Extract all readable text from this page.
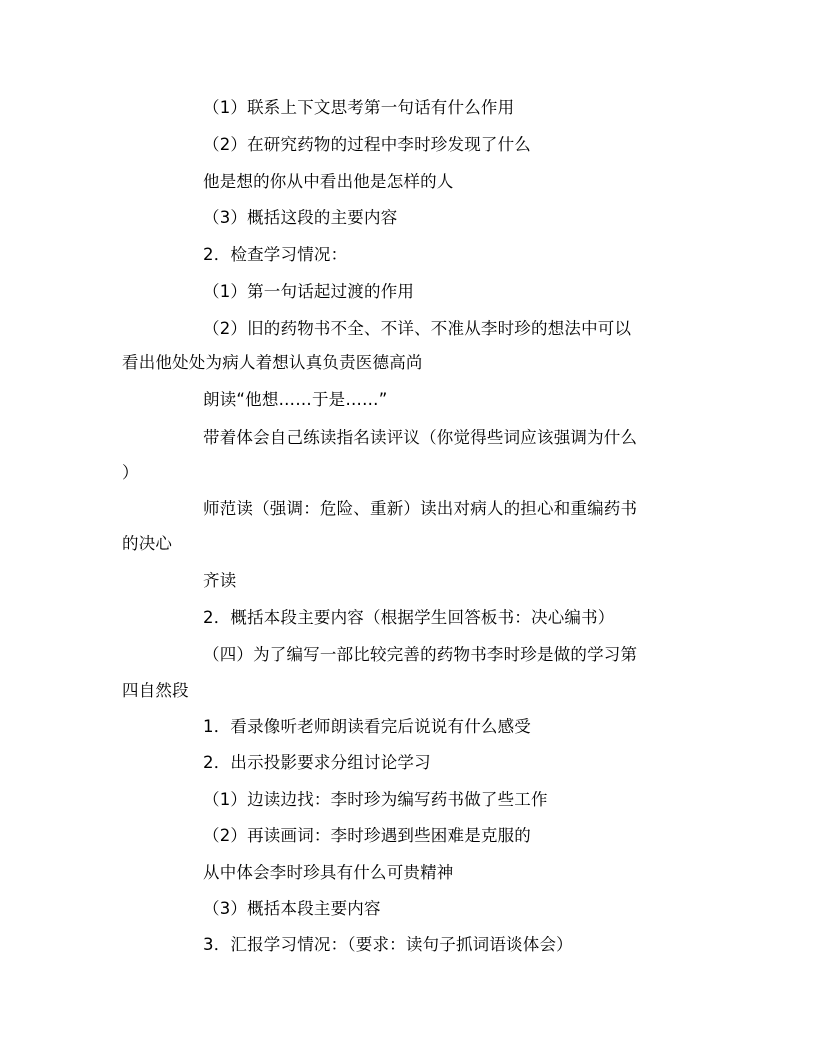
（1）联系上下文思考第一句话有什么作用
（2）在研究药物的过程中李时珍发现了什么
他是想的你从中看出他是怎样的人
（3）概括这段的主要内容
2．检查学习情况：
（1）第一句话起过渡的作用
（2）旧的药物书不全、不详、不准从李时珍的想法中可以
看出他处处为病人着想认真负责医德高尚
朗读“他想……于是……”
带着体会自己练读指名读评议（你觉得些词应该强调为什么
）
师范读（强调：危险、重新）读出对病人的担心和重编药书
的决心
齐读
2．概括本段主要内容（根据学生回答板书：决心编书）
（四）为了编写一部比较完善的药物书李时珍是做的学习第
四自然段
1．看录像听老师朗读看完后说说有什么感受
2．出示投影要求分组讨论学习
（1）边读边找：李时珍为编写药书做了些工作
（2）再读画词：李时珍遇到些困难是克服的
从中体会李时珍具有什么可贵精神
（3）概括本段主要内容
3．汇报学习情况：（要求：读句子抓词语谈体会）
